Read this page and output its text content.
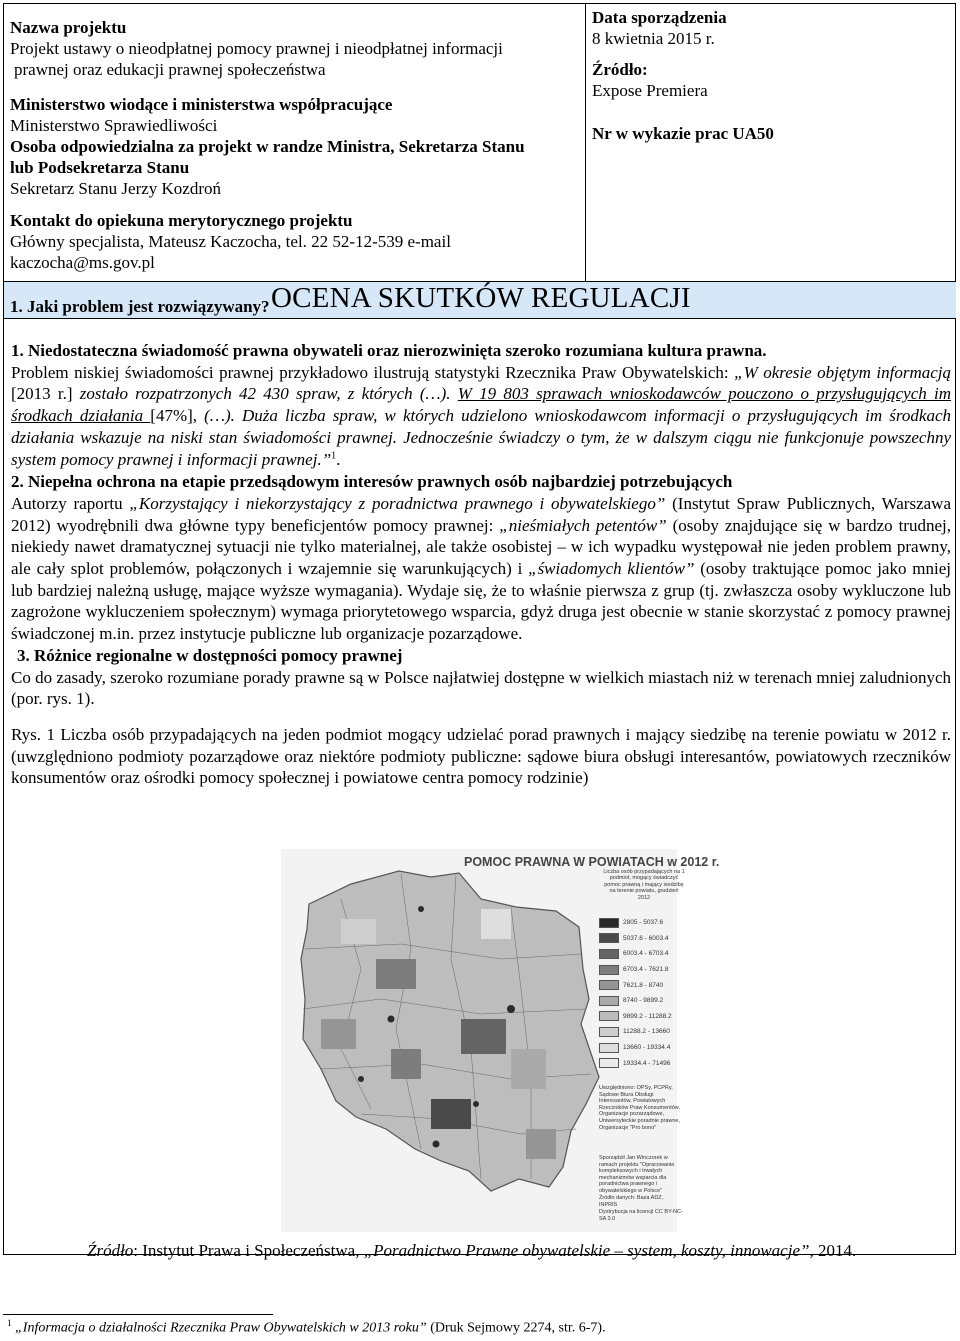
Nazwa projektu
Projekt ustawy o nieodpłatnej pomocy prawnej i nieodpłatnej informacji
prawnej oraz edukacji prawnej społeczeństwa
Ministerstwo wiodące i ministerstwa współpracujące
Ministerstwo Sprawiedliwości
Osoba odpowiedzialna za projekt w randze Ministra, Sekretarza Stanu
lub Podsekretarza Stanu
Sekretarz Stanu Jerzy Kozdroń
Kontakt do opiekuna merytorycznego projektu
Główny specjalista, Mateusz Kaczocha, tel. 22 52-12-539 e-mail
kaczocha@ms.gov.pl
Data sporządzenia
8 kwietnia 2015 r.
Źródło:
Expose Premiera
Nr w wykazie prac UA50
OCENA SKUTKÓW REGULACJI
1. Jaki problem jest rozwiązywany?
1. Niedostateczna świadomość prawna obywateli oraz nierozwinięta szeroko rozumiana kultura prawna.
Problem niskiej świadomości prawnej przykładowo ilustrują statystyki Rzecznika Praw Obywatelskich: „W okresie objętym informacją [2013 r.] zostało rozpatrzonych 42 430 spraw, z których (…). W 19 803 sprawach wnioskodawców pouczono o przysługujących im środkach działania [47%], (…). Duża liczba spraw, w których udzielono wnioskodawcom informacji o przysługujących im środkach działania wskazuje na niski stan świadomości prawnej. Jednocześnie świadczy o tym, że w dalszym ciągu nie funkcjonuje powszechny system pomocy prawnej i informacji prawnej.”$^1$.
2. Niepełna ochrona na etapie przedsądowym interesów prawnych osób najbardziej potrzebujących
Autorzy raportu „Korzystający i niekorzystający z poradnictwa prawnego i obywatelskiego” (Instytut Spraw Publicznych, Warszawa 2012) wyodrębnili dwa główne typy beneficjentów pomocy prawnej: „nieśmiałych petentów” (osoby znajdujące się w bardzo trudnej, niekiedy nawet dramatycznej sytuacji nie tylko materialnej, ale także osobistej – w ich wypadku występował nie jeden problem prawny, ale cały splot problemów, połączonych i wzajemnie się warunkujących) i „świadomych klientów” (osoby traktujące pomoc jako mniej lub bardziej należną usługę, mające wyższe wymagania). Wydaje się, że to właśnie pierwsza z grup (tj. zwłaszcza osoby wykluczone lub zagrożone wykluczeniem społecznym) wymaga priorytetowego wsparcia, gdyż druga jest obecnie w stanie skorzystać z pomocy prawnej świadczonej m.in. przez instytucje publiczne lub organizacje pozarządowe.
3. Różnice regionalne w dostępności pomocy prawnej
Co do zasady, szeroko rozumiane porady prawne są w Polsce najłatwiej dostępne w wielkich miastach niż w terenach mniej zaludnionych (por. rys. 1).
Rys. 1 Liczba osób przypadających na jeden podmiot mogący udzielać porad prawnych i mający siedzibę na terenie powiatu w 2012 r. (uwzględniono podmioty pozarządowe oraz niektóre podmioty publiczne: sądowe biura obsługi interesantów, powiatowych rzeczników konsumentów oraz ośrodki pomocy społecznej i powiatowe centra pomocy rodzinie)
POMOC PRAWNA W POWIATACH w 2012 r.
Liczba osób przypadających na 1 podmiot, mogący świadczyć pomoc prawną i mający siedzibę na terenie powiatu, grudzień 2012
2805 - 5037.6
5037.6 - 6003.4
6003.4 - 6703.4
6703.4 - 7621.8
7621.8 - 8740
8740 - 9899.2
9899.2 - 11288.2
11288.2 - 13660
13660 - 19334.4
19334.4 - 71496
Uwzględniono: OPSy, PCPRy, Sądowe Biura Obsługi Interesantów, Powiatowych Rzeczników Praw Konsumentów, Organizacje pozarządowe, Uniwersyteckie poradnie prawne, Organizacje "Pro bono"
Sporządził Jan Winczorek w ramach projektu "Opracowanie kompleksowych i trwałych mechanizmów wsparcia dla poradnictwa prawnego i obywatelskiego w Polsce"
Źródło danych: Baza ADZ, INPRIS
Dystrybucja na licencji CC BY-NC-SA 3.0
Źródło: Instytut Prawa i Społeczeństwa, „Poradnictwo Prawne obywatelskie – system, koszty, innowacje”, 2014.
$^1$ „Informacja o działalności Rzecznika Praw Obywatelskich w 2013 roku” (Druk Sejmowy 2274, str. 6-7).
